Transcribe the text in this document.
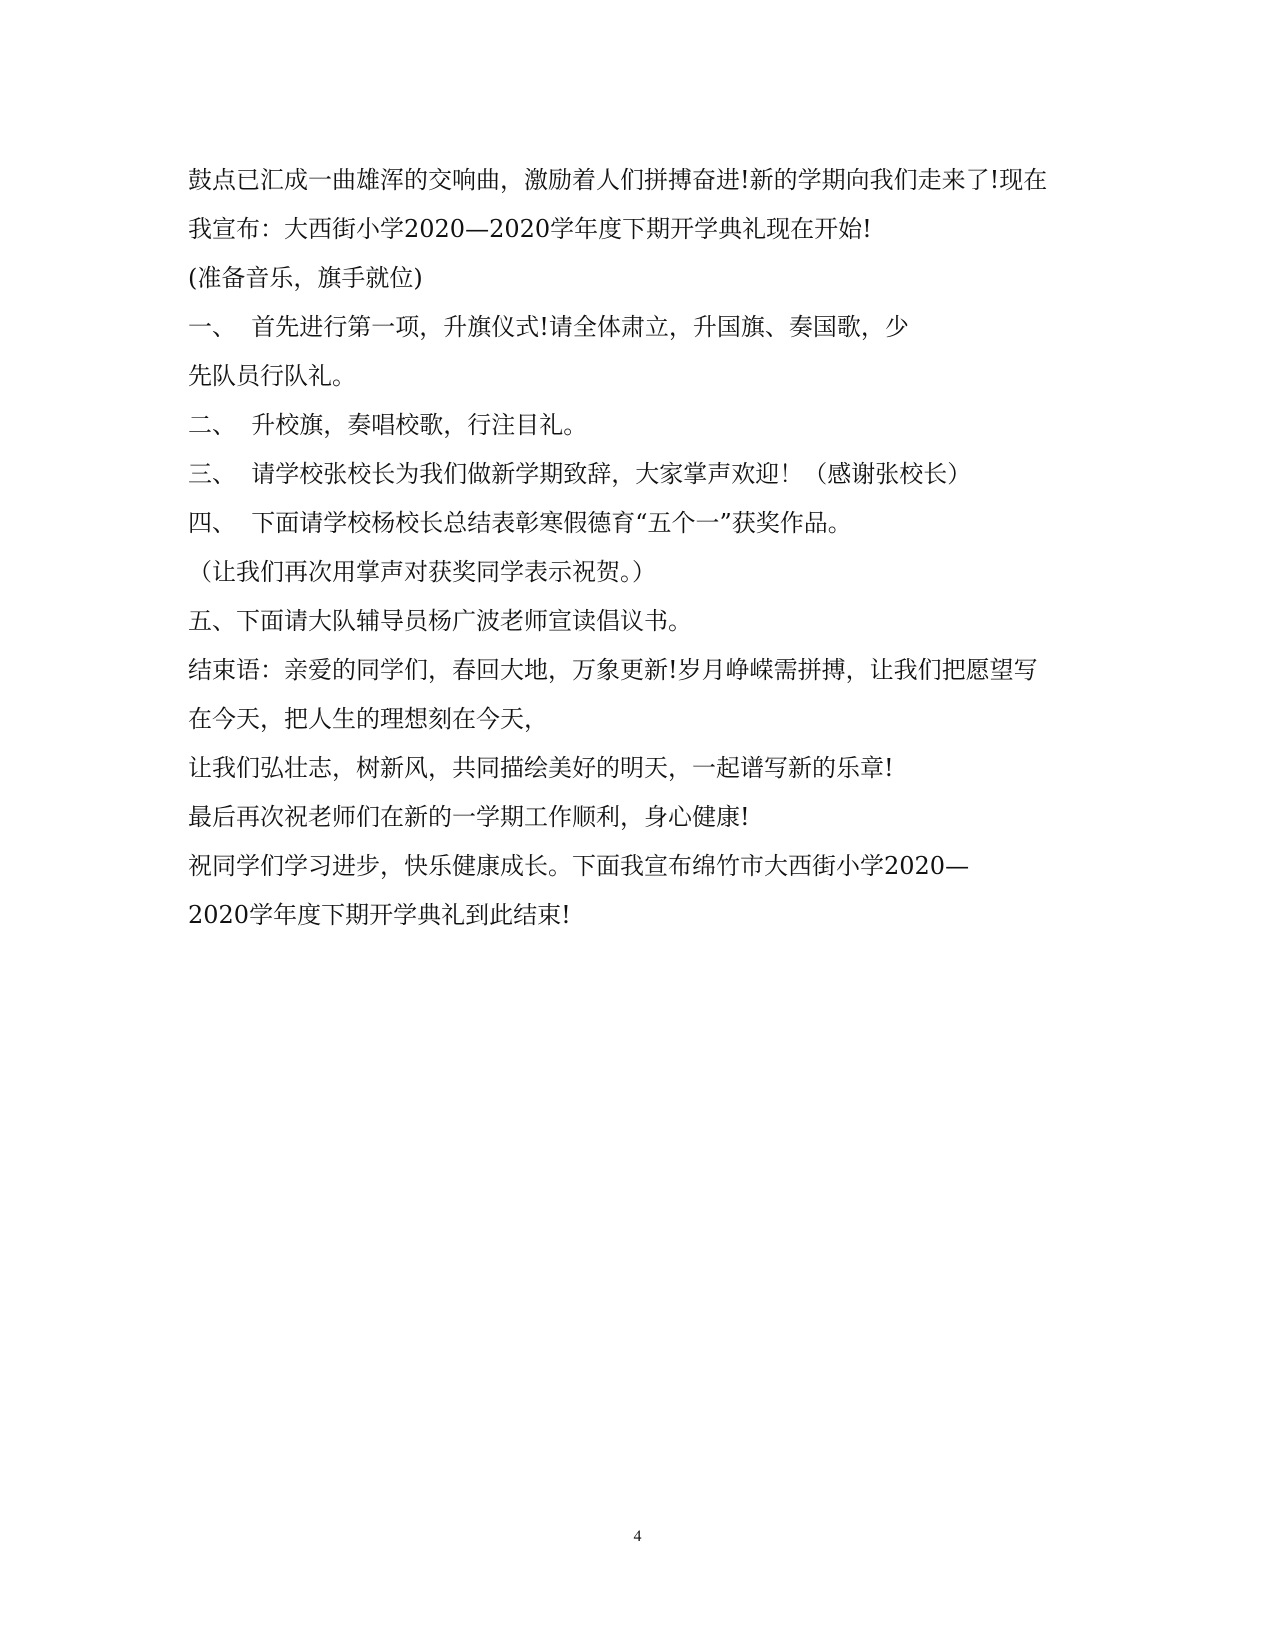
鼓点已汇成一曲雄浑的交响曲，激励着人们拼搏奋进!新的学期向我们走来了!现在
我宣布：大西街小学2020—2020学年度下期开学典礼现在开始!
(准备音乐，旗手就位)
一、  首先进行第一项，升旗仪式!请全体肃立，升国旗、奏国歌，少
先队员行队礼。
二、  升校旗，奏唱校歌，行注目礼。
三、  请学校张校长为我们做新学期致辞，大家掌声欢迎！（感谢张校长）
四、  下面请学校杨校长总结表彰寒假德育“五个一”获奖作品。
（让我们再次用掌声对获奖同学表示祝贺。）
五、下面请大队辅导员杨广波老师宣读倡议书。
结束语：亲爱的同学们，春回大地，万象更新!岁月峥嵘需拼搏，让我们把愿望写
在今天，把人生的理想刻在今天，
让我们弘壮志，树新风，共同描绘美好的明天，一起谱写新的乐章!
最后再次祝老师们在新的一学期工作顺利，身心健康!
祝同学们学习进步，快乐健康成长。下面我宣布绵竹市大西街小学2020—
2020学年度下期开学典礼到此结束!
4
